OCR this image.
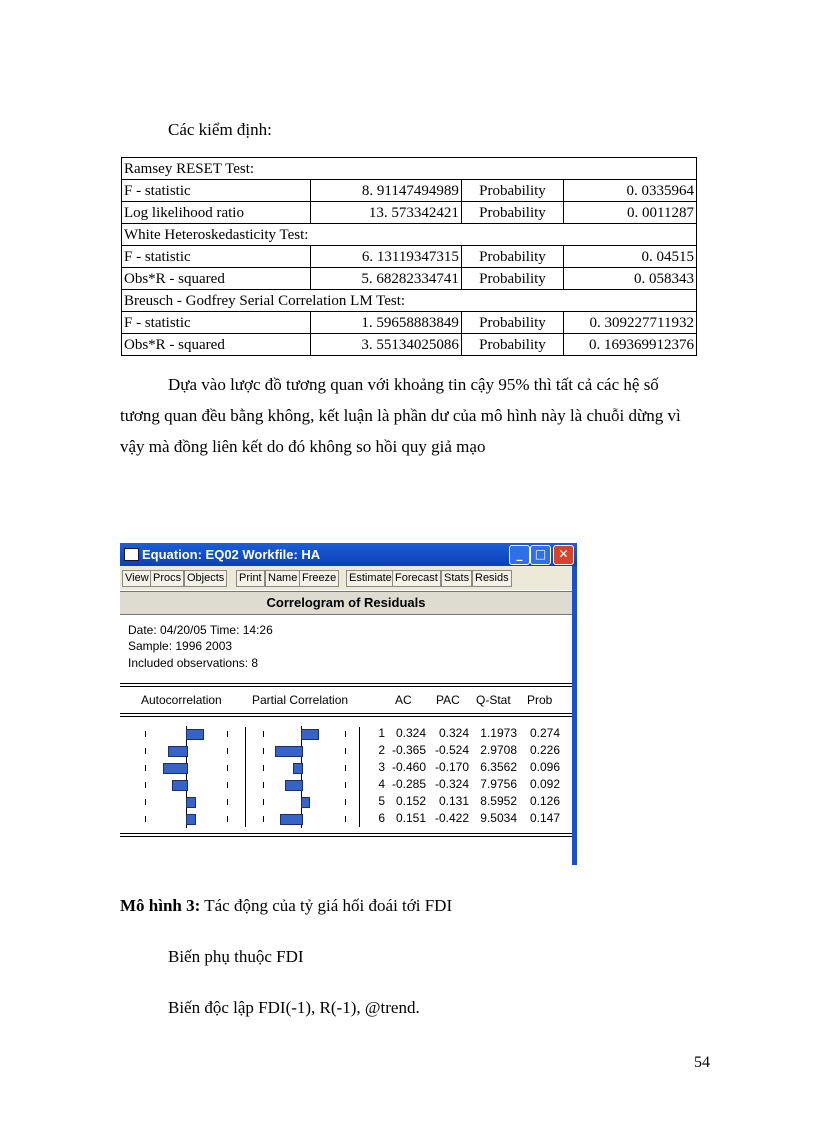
Các kiểm định:
Ramsey RESET Test:			
F - statistic	8. 91147494989	Probability	0. 0335964
Log likelihood ratio	13. 573342421	Probability	0. 0011287
White Heteroskedasticity Test:			
F - statistic	6. 13119347315	Probability	0. 04515
Obs*R - squared	5. 68282334741	Probability	0. 058343
Breusch - Godfrey Serial Correlation LM Test:			
F - statistic	1. 59658883849	Probability	0. 309227711932
Obs*R - squared	3. 55134025086	Probability	0. 169369912376
Dựa vào lược đồ tương quan với khoảng tin cậy 95% thì tất cả các hệ số tương quan đều bằng không, kết luận là phần dư của mô hình này là chuỗi dừng vì vậy mà đồng liên kết do đó không so hồi quy giả mạo
Equation: EQ02 Workfile: HA	_	□	✕
View Procs Objects Print Name Freeze Estimate Forecast Stats Resids
Correlogram of Residuals
Date: 04/20/05 Time: 14:26
Sample: 1996 2003
Included observations: 8
Autocorrelation	Partial Correlation	AC PAC Q-Stat Prob
1 0.324	0.324 1.1973	0.274
2 -0.365 -0.524 2.9708	0.226
3 -0.460 -0.170 6.3562	0.096
4 -0.285 -0.324 7.9756	0.092
5 0.152	0.131 8.5952	0.126
6 0.151 -0.422 9.5034	0.147
Mô hình 3: Tác động của tỷ giá hối đoái tới FDI
Biến phụ thuộc FDI
Biến độc lập FDI(-1), R(-1), @trend.
54
